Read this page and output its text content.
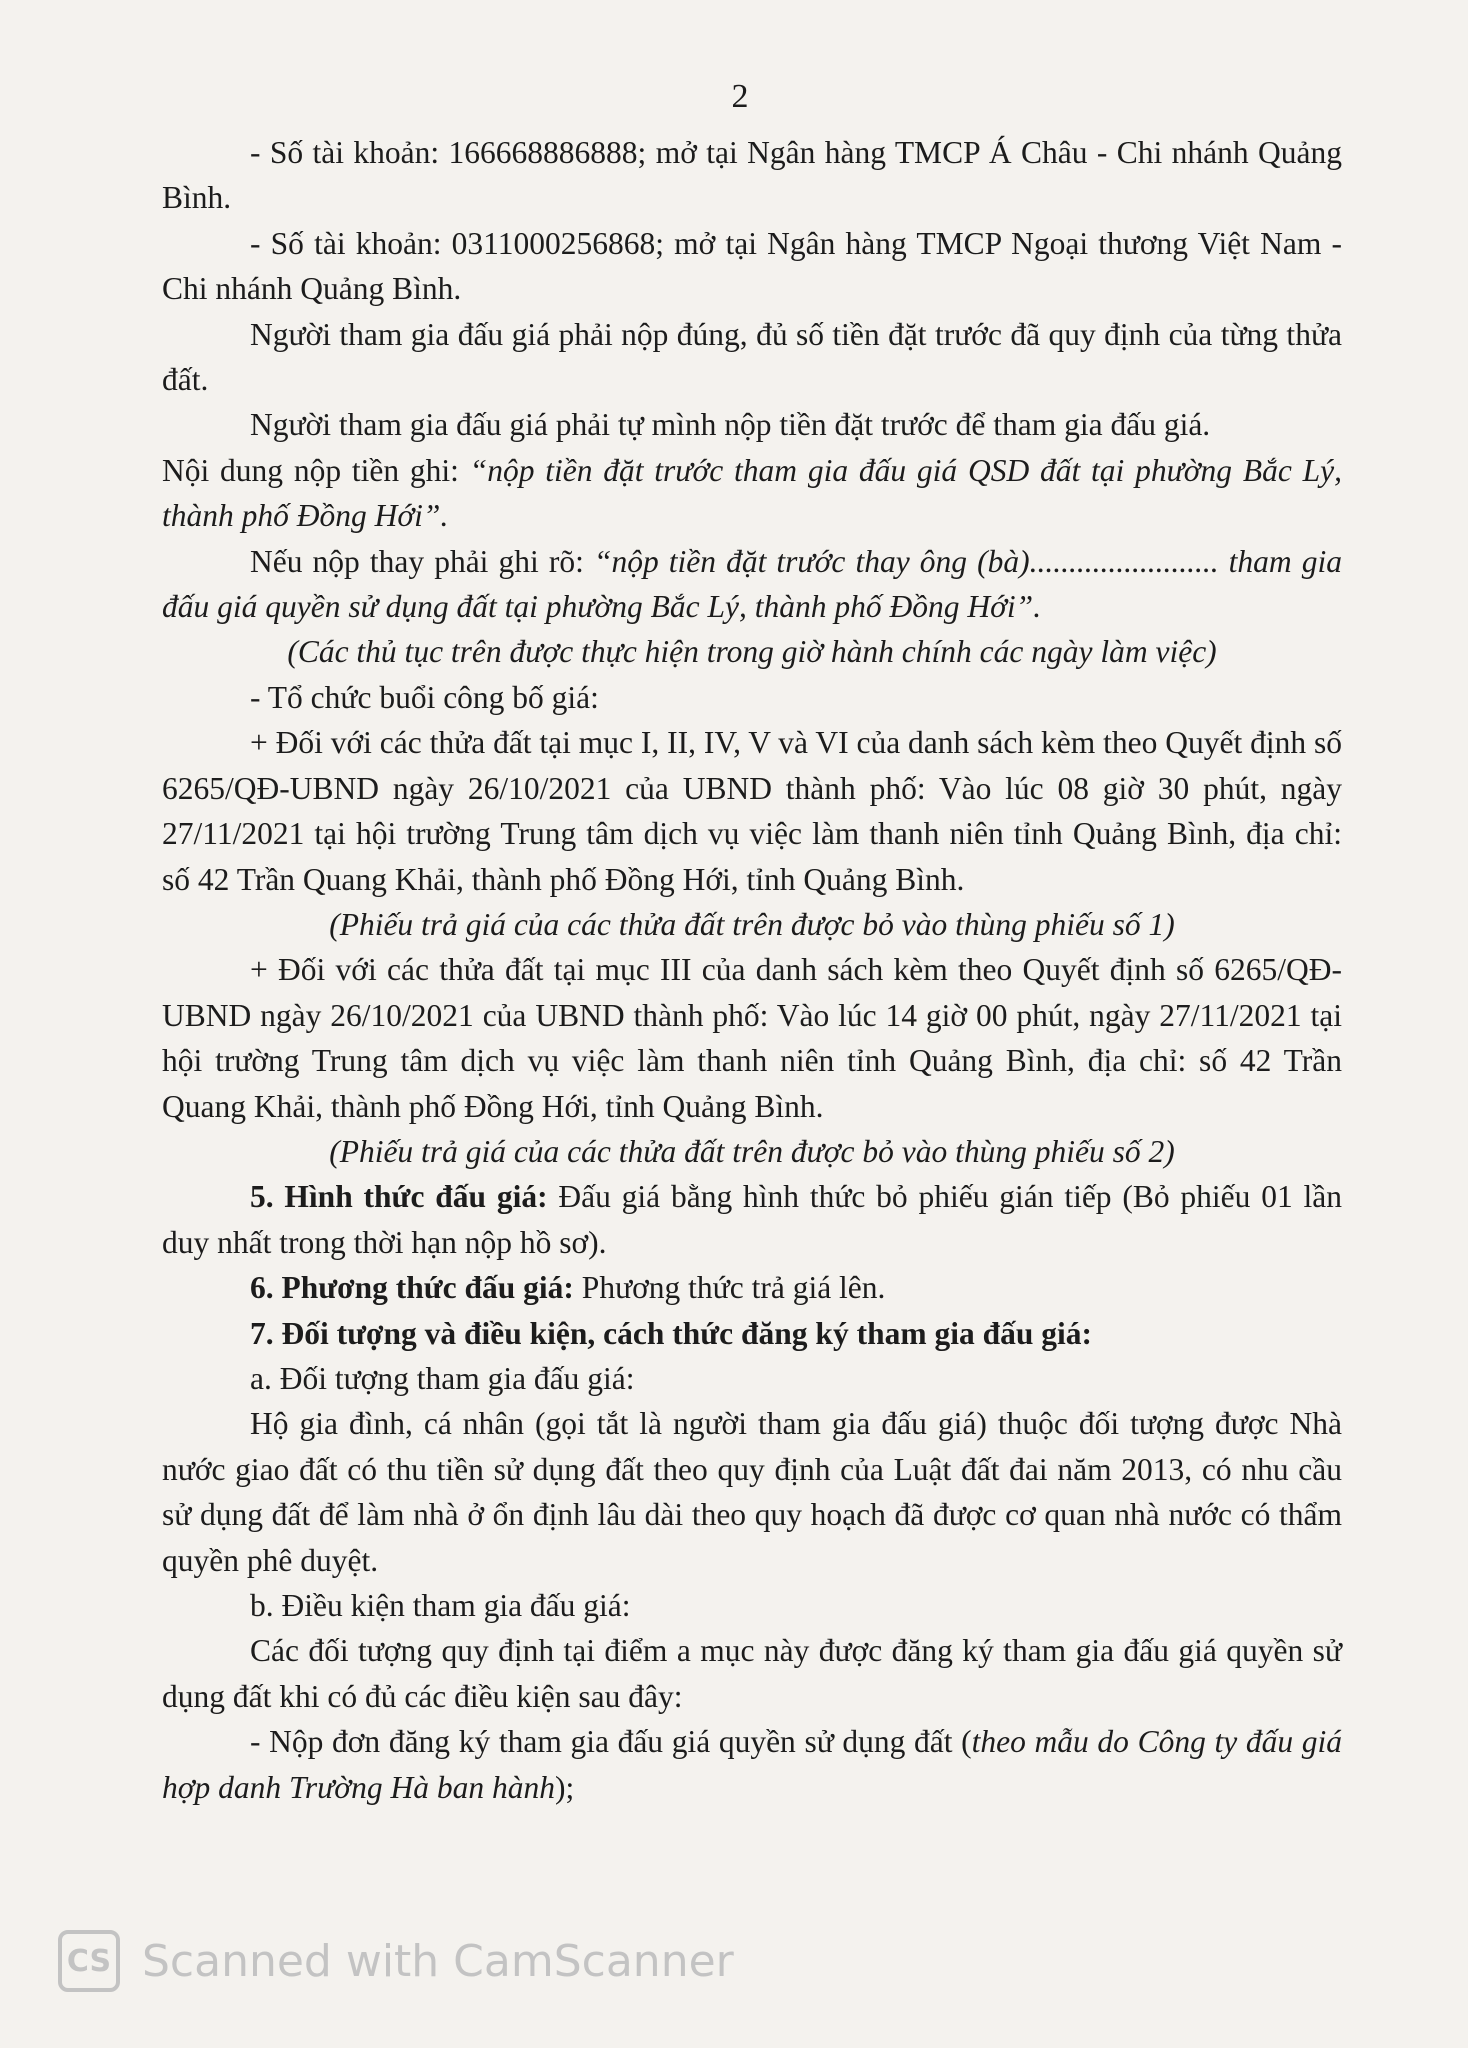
2

- Số tài khoản: 166668886888; mở tại Ngân hàng TMCP Á Châu - Chi nhánh Quảng Bình.

- Số tài khoản: 0311000256868; mở tại Ngân hàng TMCP Ngoại thương Việt Nam - Chi nhánh Quảng Bình.

Người tham gia đấu giá phải nộp đúng, đủ số tiền đặt trước đã quy định của từng thửa đất.

Người tham gia đấu giá phải tự mình nộp tiền đặt trước để tham gia đấu giá.

Nội dung nộp tiền ghi: “nộp tiền đặt trước tham gia đấu giá QSD đất tại phường Bắc Lý, thành phố Đồng Hới”.

Nếu nộp thay phải ghi rõ: “nộp tiền đặt trước thay ông (bà)........................ tham gia đấu giá quyền sử dụng đất tại phường Bắc Lý, thành phố Đồng Hới”.

(Các thủ tục trên được thực hiện trong giờ hành chính các ngày làm việc)

- Tổ chức buổi công bố giá:

+ Đối với các thửa đất tại mục I, II, IV, V và VI của danh sách kèm theo Quyết định số 6265/QĐ-UBND ngày 26/10/2021 của UBND thành phố: Vào lúc 08 giờ 30 phút, ngày 27/11/2021 tại hội trường Trung tâm dịch vụ việc làm thanh niên tỉnh Quảng Bình, địa chỉ: số 42 Trần Quang Khải, thành phố Đồng Hới, tỉnh Quảng Bình.

(Phiếu trả giá của các thửa đất trên được bỏ vào thùng phiếu số 1)

+ Đối với các thửa đất tại mục III của danh sách kèm theo Quyết định số 6265/QĐ-UBND ngày 26/10/2021 của UBND thành phố: Vào lúc 14 giờ 00 phút, ngày 27/11/2021 tại hội trường Trung tâm dịch vụ việc làm thanh niên tỉnh Quảng Bình, địa chỉ: số 42 Trần Quang Khải, thành phố Đồng Hới, tỉnh Quảng Bình.

(Phiếu trả giá của các thửa đất trên được bỏ vào thùng phiếu số 2)

5. Hình thức đấu giá: Đấu giá bằng hình thức bỏ phiếu gián tiếp (Bỏ phiếu 01 lần duy nhất trong thời hạn nộp hồ sơ).

6. Phương thức đấu giá: Phương thức trả giá lên.

7. Đối tượng và điều kiện, cách thức đăng ký tham gia đấu giá:

a. Đối tượng tham gia đấu giá:

Hộ gia đình, cá nhân (gọi tắt là người tham gia đấu giá) thuộc đối tượng được Nhà nước giao đất có thu tiền sử dụng đất theo quy định của Luật đất đai năm 2013, có nhu cầu sử dụng đất để làm nhà ở ổn định lâu dài theo quy hoạch đã được cơ quan nhà nước có thẩm quyền phê duyệt.

b. Điều kiện tham gia đấu giá:

Các đối tượng quy định tại điểm a mục này được đăng ký tham gia đấu giá quyền sử dụng đất khi có đủ các điều kiện sau đây:

- Nộp đơn đăng ký tham gia đấu giá quyền sử dụng đất (theo mẫu do Công ty đấu giá hợp danh Trường Hà ban hành);

CS Scanned with CamScanner
